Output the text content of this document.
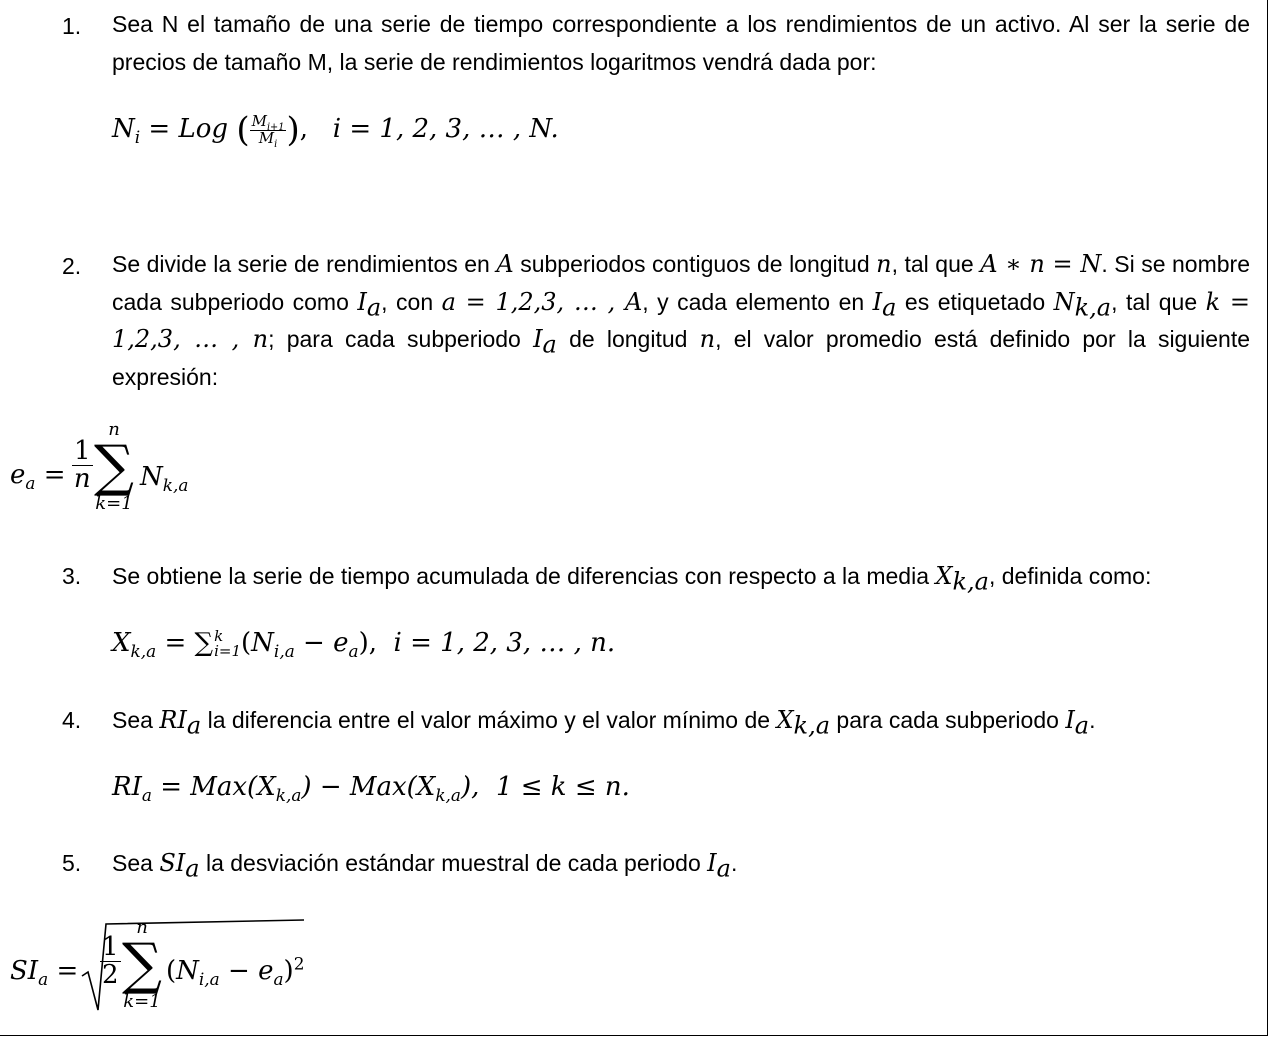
1. Sea N el tamaño de una serie de tiempo correspondiente a los rendimientos de un activo. Al ser la serie de precios de tamaño M, la serie de rendimientos logaritmos vendrá dada por:
$N_i$ = Log ( $\frac{M_{i+1}}{M_i}$ ), i = 1, 2, 3, … , N.
2. Se divide la serie de rendimientos en A subperiodos contiguos de longitud n, tal que A ∗ n = N. Si se nombre cada subperiodo como $I_a$, con a = 1,2,3, … , A, y cada elemento en $I_a$ es etiquetado $N_{k,a}$, tal que k = 1,2,3, … , n; para cada subperiodo $I_a$ de longitud n, el valor promedio está definido por la siguiente expresión:
$e_a = \frac{1}{n}$
n
∑
k=1
$N_{k,a}$
3. Se obtiene la serie de tiempo acumulada de diferencias con respecto a la media $X_{k,a}$, definida como:
$X_{k,a}$ = ∑ k
i=1 $(N_{i,a} - e_a)$, i = 1, 2, 3, … , n.
4. Sea $RI_a$ la diferencia entre el valor máximo y el valor mínimo de $X_{k,a}$ para cada subperiodo $I_a$.
$RI_a = Max(X_{k,a}) - Max(X_{k,a})$, 1 ≤ k ≤ n.
5. Sea $SI_a$ la desviación estándar muestral de cada periodo $I_a$.
$SI_a = \frac{1}{2}$
n
∑
k=1
$(N_{i,a} - e_a)^2$
